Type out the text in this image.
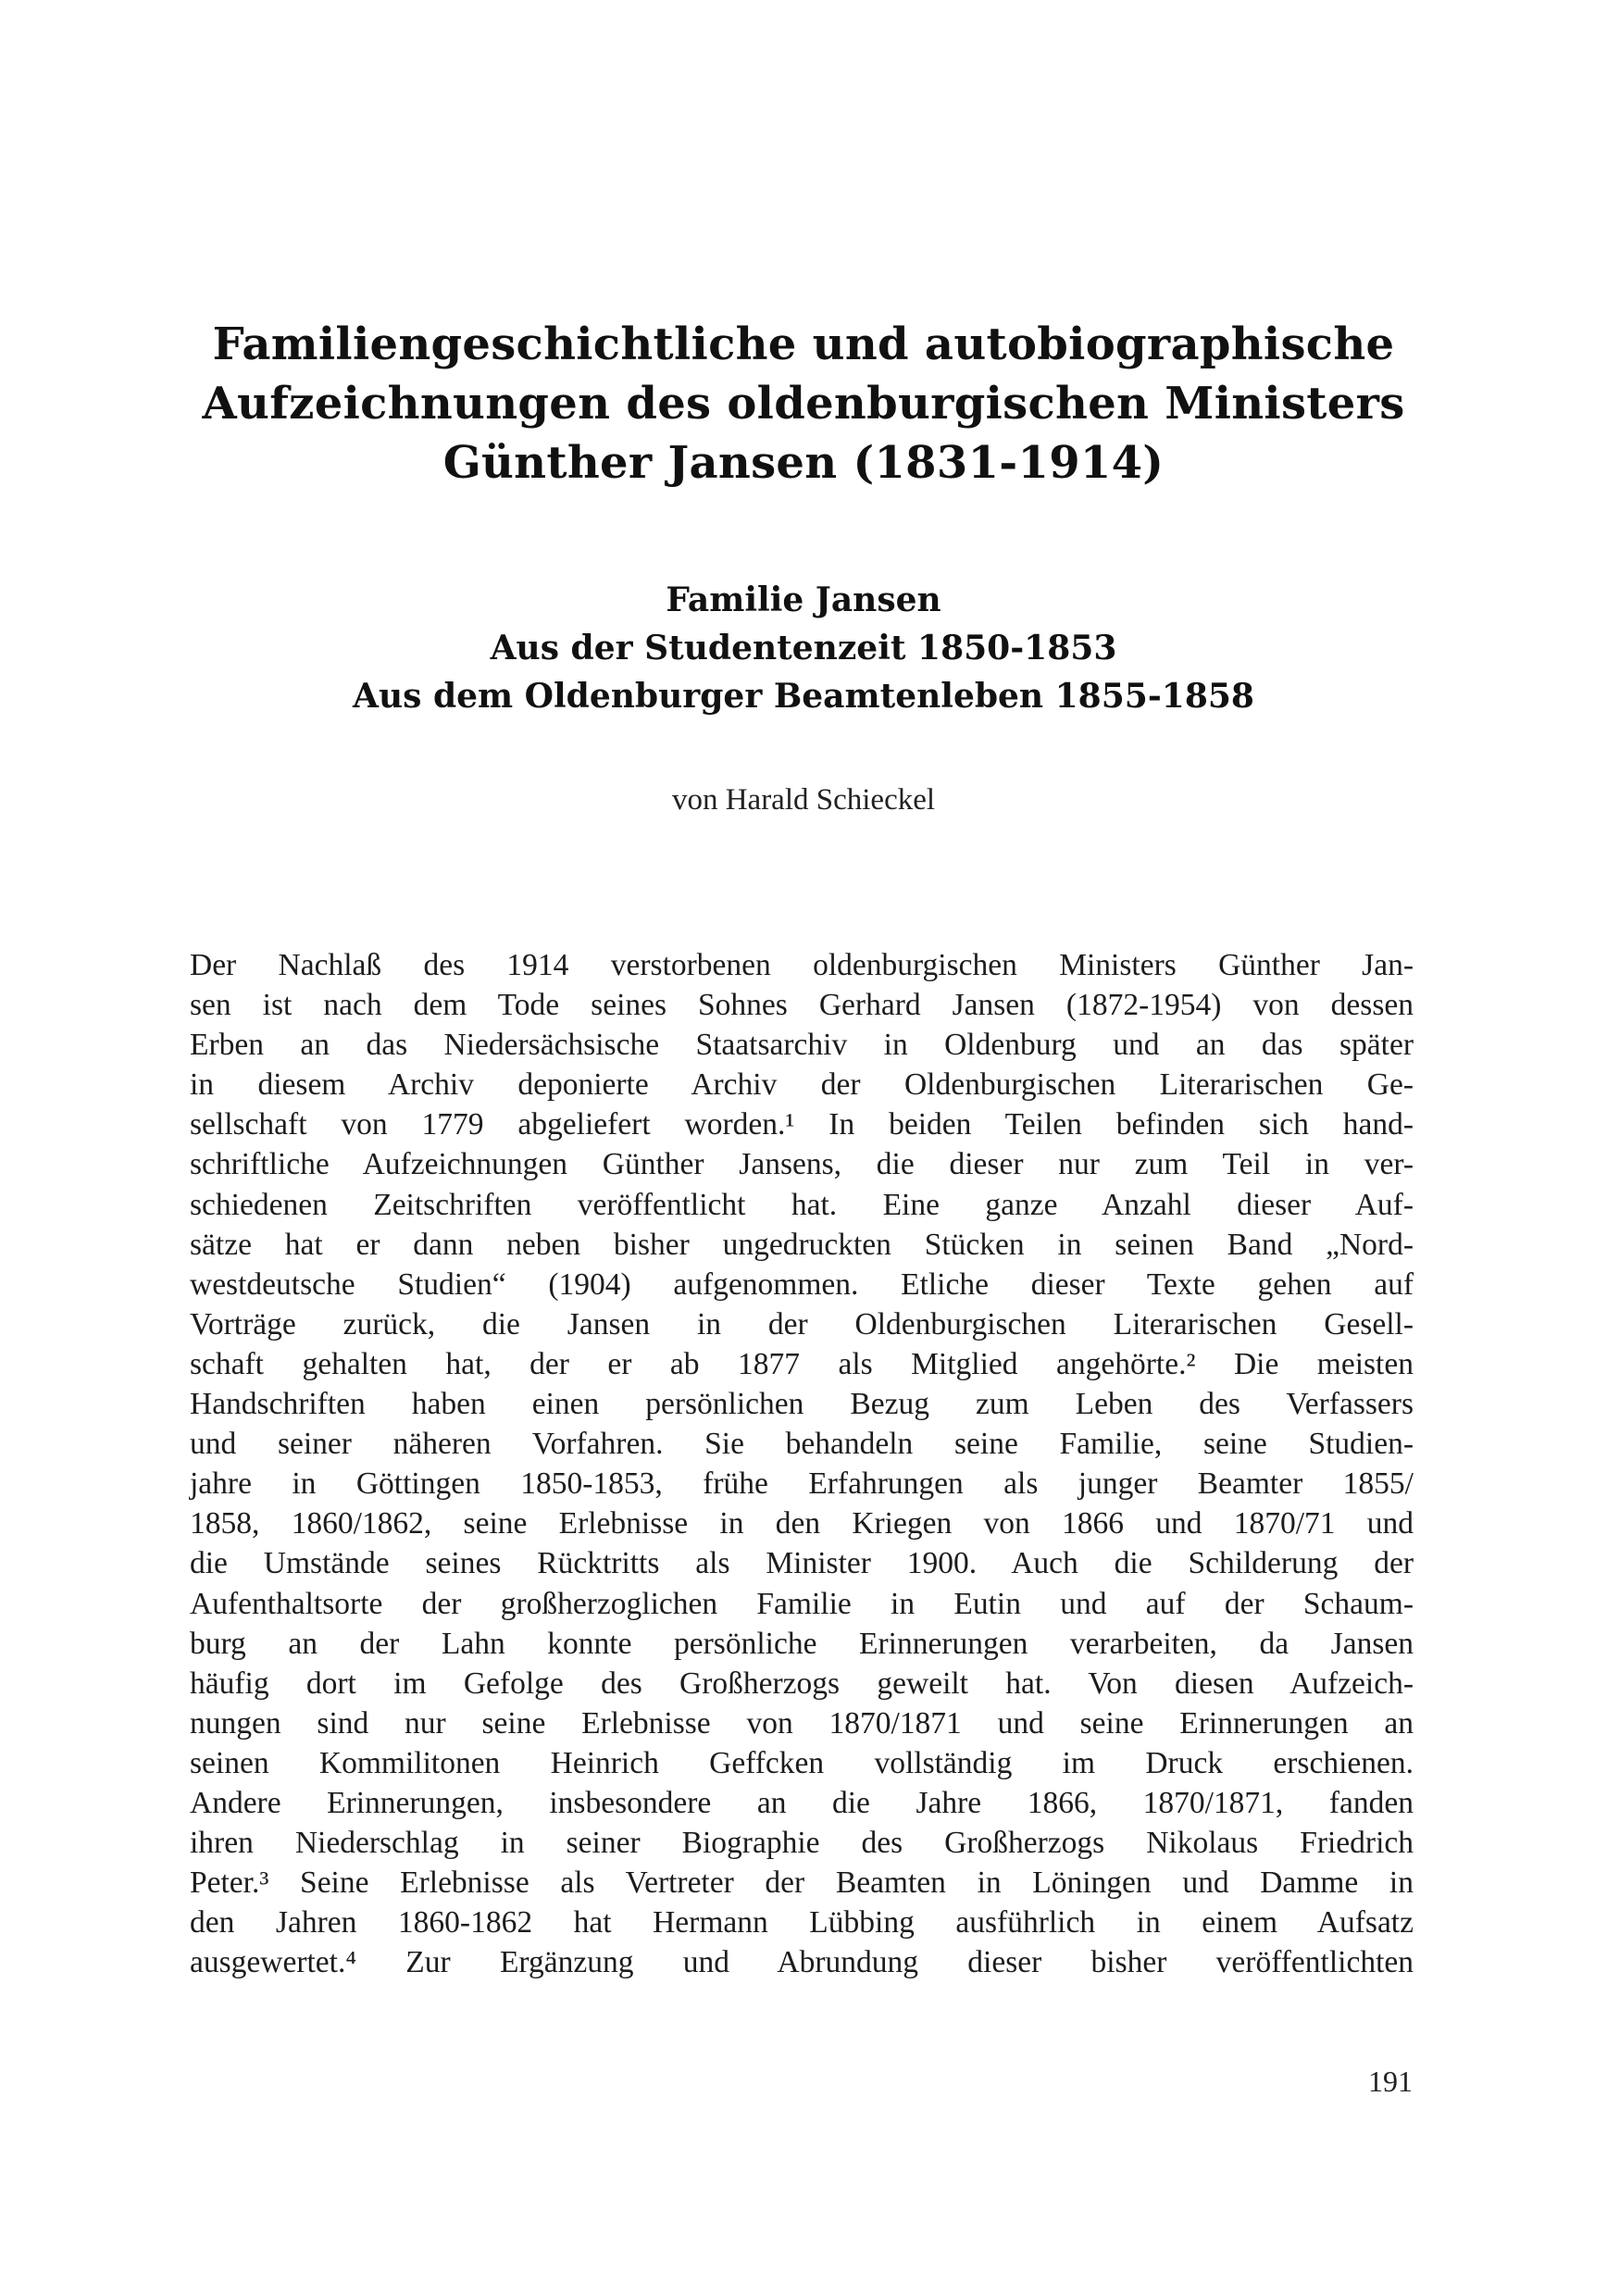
Familiengeschichtliche und autobiographische
Aufzeichnungen des oldenburgischen Ministers
Günther Jansen (1831-1914)
Familie Jansen
Aus der Studentenzeit 1850-1853
Aus dem Oldenburger Beamtenleben 1855-1858
von Harald Schieckel
Der Nachlaß des 1914 verstorbenen oldenburgischen Ministers Günther Jan-
sen ist nach dem Tode seines Sohnes Gerhard Jansen (1872-1954) von dessen
Erben an das Niedersächsische Staatsarchiv in Oldenburg und an das später
in diesem Archiv deponierte Archiv der Oldenburgischen Literarischen Ge-
sellschaft von 1779 abgeliefert worden.¹ In beiden Teilen befinden sich hand-
schriftliche Aufzeichnungen Günther Jansens, die dieser nur zum Teil in ver-
schiedenen Zeitschriften veröffentlicht hat. Eine ganze Anzahl dieser Auf-
sätze hat er dann neben bisher ungedruckten Stücken in seinen Band „Nord-
westdeutsche Studien“ (1904) aufgenommen. Etliche dieser Texte gehen auf
Vorträge zurück, die Jansen in der Oldenburgischen Literarischen Gesell-
schaft gehalten hat, der er ab 1877 als Mitglied angehörte.² Die meisten
Handschriften haben einen persönlichen Bezug zum Leben des Verfassers
und seiner näheren Vorfahren. Sie behandeln seine Familie, seine Studien-
jahre in Göttingen 1850-1853, frühe Erfahrungen als junger Beamter 1855/
1858, 1860/1862, seine Erlebnisse in den Kriegen von 1866 und 1870/71 und
die Umstände seines Rücktritts als Minister 1900. Auch die Schilderung der
Aufenthaltsorte der großherzoglichen Familie in Eutin und auf der Schaum-
burg an der Lahn konnte persönliche Erinnerungen verarbeiten, da Jansen
häufig dort im Gefolge des Großherzogs geweilt hat. Von diesen Aufzeich-
nungen sind nur seine Erlebnisse von 1870/1871 und seine Erinnerungen an
seinen Kommilitonen Heinrich Geffcken vollständig im Druck erschienen.
Andere Erinnerungen, insbesondere an die Jahre 1866, 1870/1871, fanden
ihren Niederschlag in seiner Biographie des Großherzogs Nikolaus Friedrich
Peter.³ Seine Erlebnisse als Vertreter der Beamten in Löningen und Damme in
den Jahren 1860-1862 hat Hermann Lübbing ausführlich in einem Aufsatz
ausgewertet.⁴ Zur Ergänzung und Abrundung dieser bisher veröffentlichten
191
